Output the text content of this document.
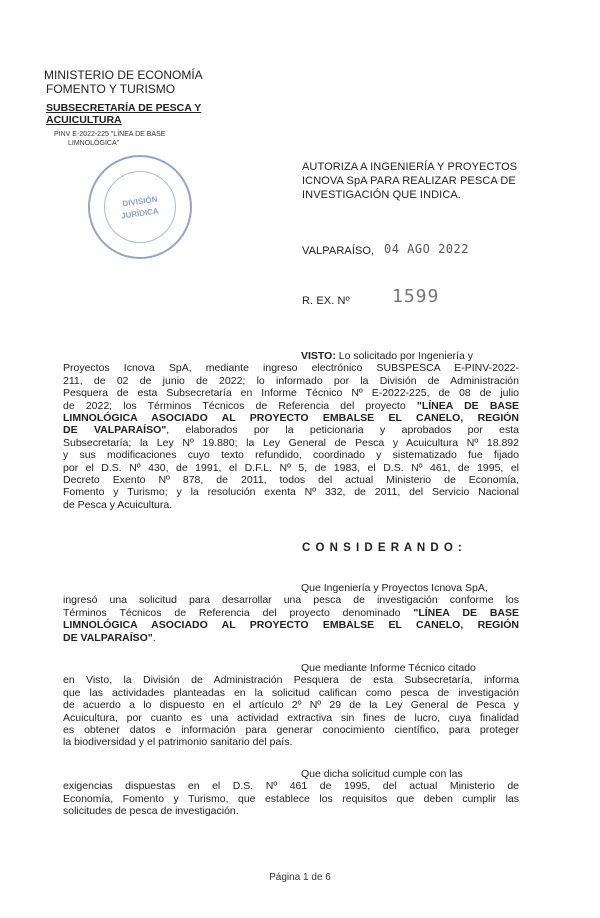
MINISTERIO DE ECONOMÍA
FOMENTO Y TURISMO
SUBSECRETARÍA DE PESCA Y
ACUICULTURA
PINV E-2022-225 "LÍNEA DE BASE
LIMNOLÓGICA"
DIVISIÓN
JURÍDICA
AUTORIZA A INGENIERÍA Y PROYECTOS
ICNOVA SpA PARA REALIZAR PESCA DE
INVESTIGACIÓN QUE INDICA.
VALPARAÍSO, 04 AGO 2022
R. EX. Nº 1599
VISTO: Lo solicitado por Ingeniería y
Proyectos Icnova SpA, mediante ingreso electrónico SUBSPESCA E-PINV-2022-
211, de 02 de junio de 2022; lo informado por la División de Administración
Pesquera de esta Subsecretaría en Informe Técnico Nº E-2022-225, de 08 de julio
de 2022; los Términos Técnicos de Referencia del proyecto "LÍNEA DE BASE
LIMNOLÓGICA ASOCIADO AL PROYECTO EMBALSE EL CANELO, REGIÓN
DE VALPARAÍSO", elaborados por la peticionaria y aprobados por esta
Subsecretaría; la Ley Nº 19.880; la Ley General de Pesca y Acuicultura Nº 18.892
y sus modificaciones cuyo texto refundido, coordinado y sistematizado fue fijado
por el D.S. Nº 430, de 1991, el D.F.L. Nº 5, de 1983, el D.S. Nº 461, de 1995, el
Decreto Exento Nº 878, de 2011, todos del actual Ministerio de Economía,
Fomento y Turismo; y la resolución exenta Nº 332, de 2011, del Servicio Nacional
de Pesca y Acuicultura.
C O N S I D E R A N D O :
Que Ingeniería y Proyectos Icnova SpA,
ingresó una solicitud para desarrollar una pesca de investigación conforme los
Términos Técnicos de Referencia del proyecto denominado "LÍNEA DE BASE
LIMNOLÓGICA ASOCIADO AL PROYECTO EMBALSE EL CANELO, REGIÓN
DE VALPARAÍSO".
Que mediante Informe Técnico citado
en Visto, la División de Administración Pesquera de esta Subsecretaría, informa
que las actividades planteadas en la solicitud califican como pesca de investigación
de acuerdo a lo dispuesto en el artículo 2º Nº 29 de la Ley General de Pesca y
Acuicultura, por cuanto es una actividad extractiva sin fines de lucro, cuya finalidad
es obtener datos e información para generar conocimiento científico, para proteger
la biodiversidad y el patrimonio sanitario del país.
Que dicha solicitud cumple con las
exigencias dispuestas en el D.S. Nº 461 de 1995, del actual Ministerio de
Economía, Fomento y Turismo, que establece los requisitos que deben cumplir las
solicitudes de pesca de investigación.
Página 1 de 6
